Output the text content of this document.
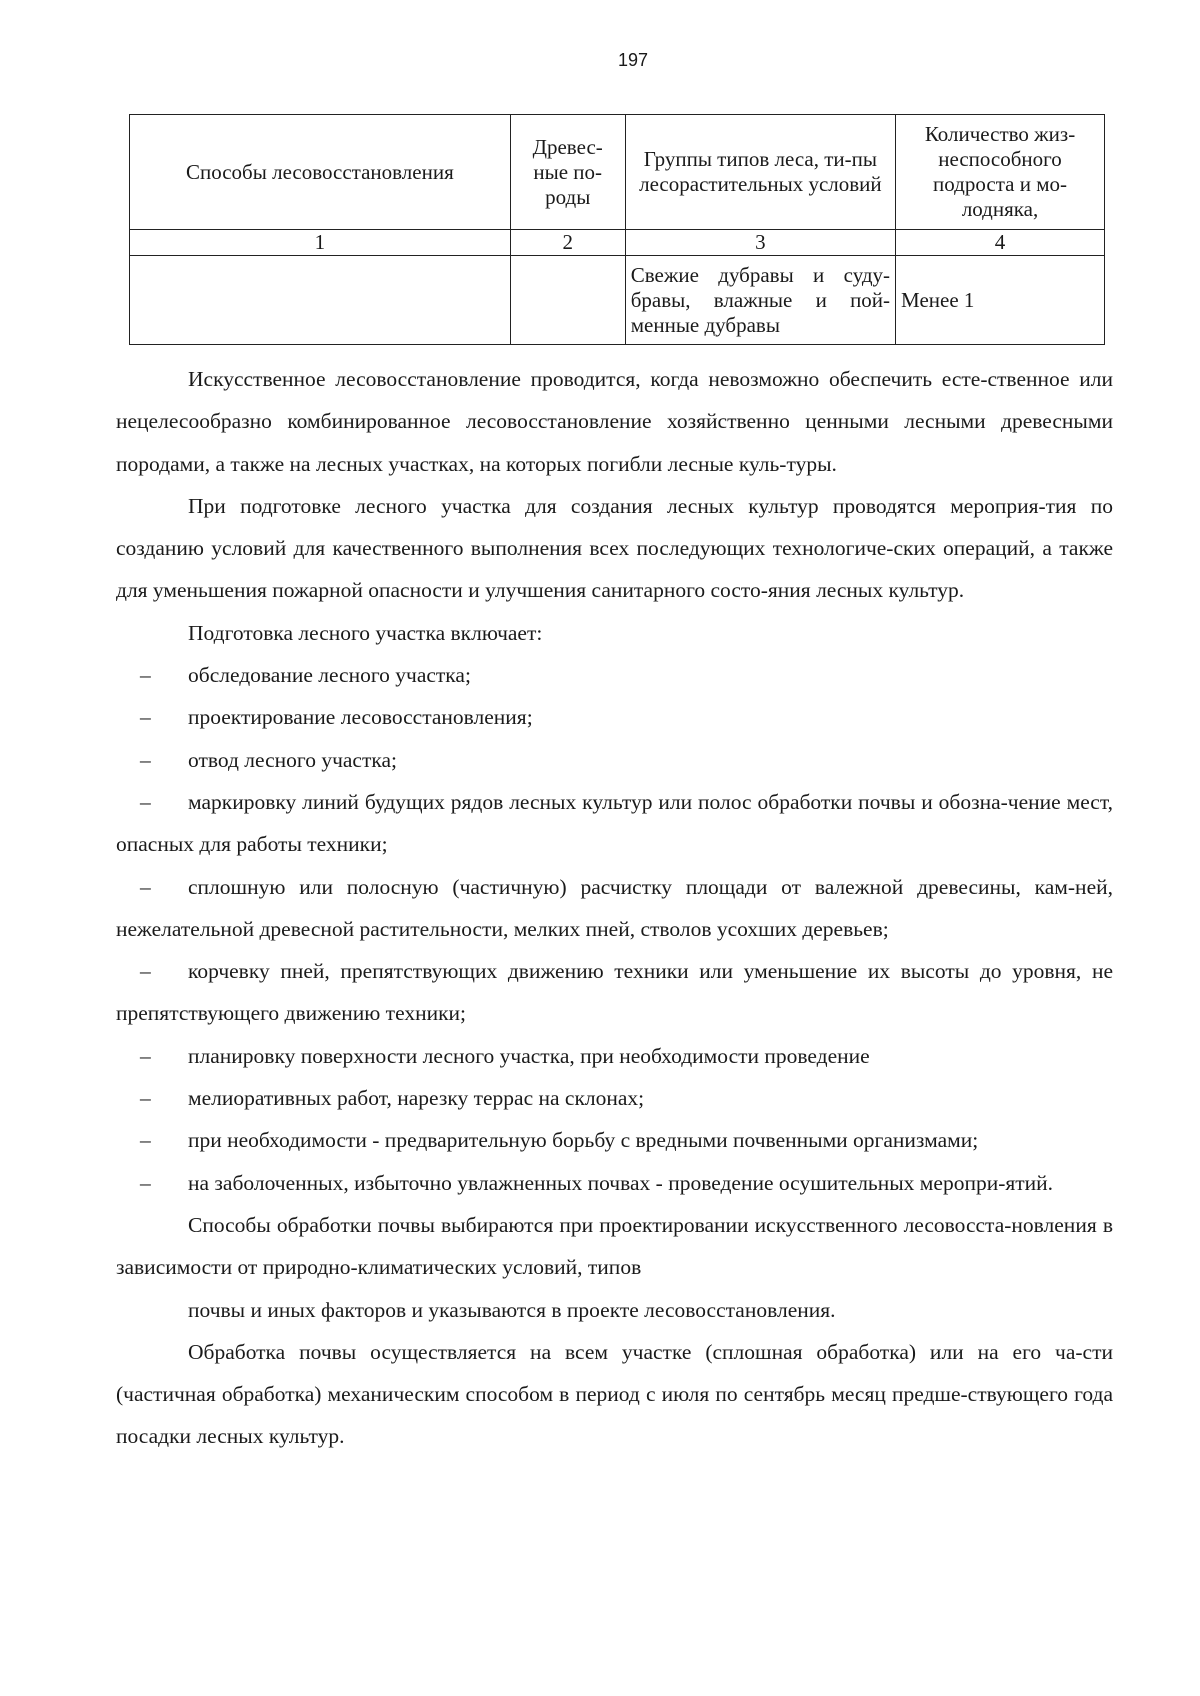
197
Способы лесовосстановления	Древес-ные по-роды	Группы типов леса, ти-пы лесорастительных условий	Количество жиз-неспособного подроста и мо-лодняка,
1	2	3	4
		Свежие дубравы и суду-бравы, влажные и пой-менные дубравы	Менее 1

Искусственное лесовосстановление проводится, когда невозможно обеспечить есте-ственное или нецелесообразно комбинированное лесовосстановление хозяйственно ценными лесными древесными породами, а также на лесных участках, на которых погибли лесные куль-туры.

При подготовке лесного участка для создания лесных культур проводятся мероприя-тия по созданию условий для качественного выполнения всех последующих технологиче-ских операций, а также для уменьшения пожарной опасности и улучшения санитарного состо-яния лесных культур.

Подготовка лесного участка включает:

– обследование лесного участка;

– проектирование лесовосстановления;

– отвод лесного участка;

– маркировку линий будущих рядов лесных культур или полос обработки почвы и обозна-чение мест, опасных для работы техники;

– сплошную или полосную (частичную) расчистку площади от валежной древесины, кам-ней, нежелательной древесной растительности, мелких пней, стволов усохших деревьев;

– корчевку пней, препятствующих движению техники или уменьшение их высоты до уровня, не препятствующего движению техники;

– планировку поверхности лесного участка, при необходимости проведение

– мелиоративных работ, нарезку террас на склонах;

– при необходимости - предварительную борьбу с вредными почвенными организмами;

– на заболоченных, избыточно увлажненных почвах - проведение осушительных меропри-ятий.

Способы обработки почвы выбираются при проектировании искусственного лесовосста-новления в зависимости от природно-климатических условий, типов

почвы и иных факторов и указываются в проекте лесовосстановления.

Обработка почвы осуществляется на всем участке (сплошная обработка) или на его ча-сти (частичная обработка) механическим способом в период с июля по сентябрь месяц предше-ствующего года посадки лесных культур.
